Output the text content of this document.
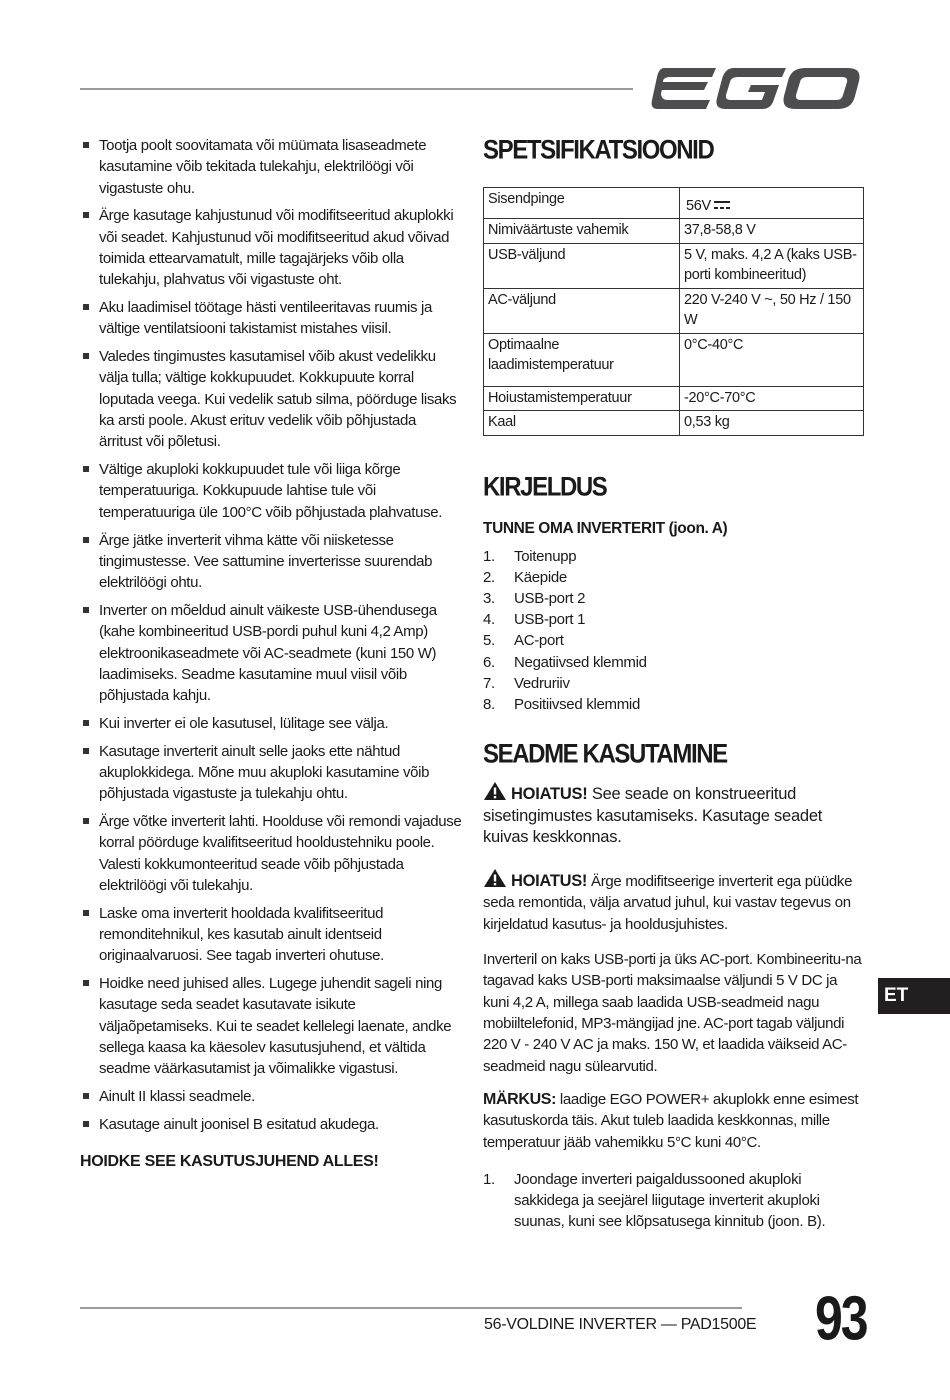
Tootja poolt soovitamata või müümata lisaseadmete kasutamine võib tekitada tulekahju, elektrilöögi või vigastuste ohu.
Ärge kasutage kahjustunud või modifitseeritud akuplokki või seadet. Kahjustunud või modifitseeritud akud võivad toimida ettearvamatult, mille tagajärjeks võib olla tulekahju, plahvatus või vigastuste oht.
Aku laadimisel töötage hästi ventileeritavas ruumis ja vältige ventilatsiooni takistamist mistahes viisil.
Valedes tingimustes kasutamisel võib akust vedelikku välja tulla; vältige kokkupuudet. Kokkupuute korral loputada veega. Kui vedelik satub silma, pöörduge lisaks ka arsti poole. Akust erituv vedelik võib põhjustada ärritust või põletusi.
Vältige akuploki kokkupuudet tule või liiga kõrge temperatuuriga. Kokkupuude lahtise tule või temperatuuriga üle 100°C võib põhjustada plahvatuse.
Ärge jätke inverterit vihma kätte või niisketesse tingimustesse. Vee sattumine inverterisse suurendab elektrilöögi ohtu.
Inverter on mõeldud ainult väikeste USB-ühendusega (kahe kombineeritud USB-pordi puhul kuni 4,2 Amp) elektroonikaseadmete või AC-seadmete (kuni 150 W) laadimiseks. Seadme kasutamine muul viisil võib põhjustada kahju.
Kui inverter ei ole kasutusel, lülitage see välja.
Kasutage inverterit ainult selle jaoks ette nähtud akuplokkidega. Mõne muu akuploki kasutamine võib põhjustada vigastuste ja tulekahju ohtu.
Ärge võtke inverterit lahti. Hoolduse või remondi vajaduse korral pöörduge kvalifitseeritud hooldustehniku poole. Valesti kokkumonteeritud seade võib põhjustada elektrilöögi või tulekahju.
Laske oma inverterit hooldada kvalifitseeritud remonditehnikul, kes kasutab ainult identseid originaalvaruosi. See tagab inverteri ohutuse.
Hoidke need juhised alles. Lugege juhendit sageli ning kasutage seda seadet kasutavate isikute väljaõpetamiseks. Kui te seadet kellelegi laenate, andke sellega kaasa ka käesolev kasutusjuhend, et vältida seadme väärkasutamist ja võimalikke vigastusi.
Ainult II klassi seadmele.
Kasutage ainult joonisel B esitatud akudega.
HOIDKE SEE KASUTUSJUHEND ALLES!
SPETSIFIKATSIOONID
Sisendpinge	56V
Nimiväärtuste vahemik	37,8-58,8 V
USB-väljund	5 V, maks. 4,2 A (kaks USB-porti kombineeritud)
AC-väljund	220 V-240 V ~, 50 Hz / 150 W
Optimaalne laadimistemperatuur	0°C-40°C
Hoiustamistemperatuur	-20°C-70°C
Kaal	0,53 kg
KIRJELDUS
TUNNE OMA INVERTERIT (joon. A)
1.	Toitenupp
2.	Käepide
3.	USB-port 2
4.	USB-port 1
5.	AC-port
6.	Negatiivsed klemmid
7.	Vedruriiv
8.	Positiivsed klemmid
SEADME KASUTAMINE
HOIATUS! See seade on konstrueeritud sisetingimustes kasutamiseks. Kasutage seadet kuivas keskkonnas.
HOIATUS! Ärge modifitseerige inverterit ega püüdke seda remontida, välja arvatud juhul, kui vastav tegevus on kirjeldatud kasutus- ja hooldusjuhistes.

Inverteril on kaks USB-porti ja üks AC-port. Kombineeritu-na tagavad kaks USB-porti maksimaalse väljundi 5 V DC ja kuni 4,2 A, millega saab laadida USB-seadmeid nagu mobiiltelefonid, MP3-mängijad jne. AC-port tagab väljundi 220 V - 240 V AC ja maks. 150 W, et laadida väikseid AC-seadmeid nagu sülearvutid.

MÄRKUS: laadige EGO POWER+ akuplokk enne esimest kasutuskorda täis. Akut tuleb laadida keskkonnas, mille temperatuur jääb vahemikku 5°C kuni 40°C.

1.	Joondage inverteri paigaldussooned akuploki sakkidega ja seejärel liigutage inverterit akuploki suunas, kuni see klõpsatusega kinnitub (joon. B).
ET
56-VOLDINE INVERTER — PAD1500E 93
